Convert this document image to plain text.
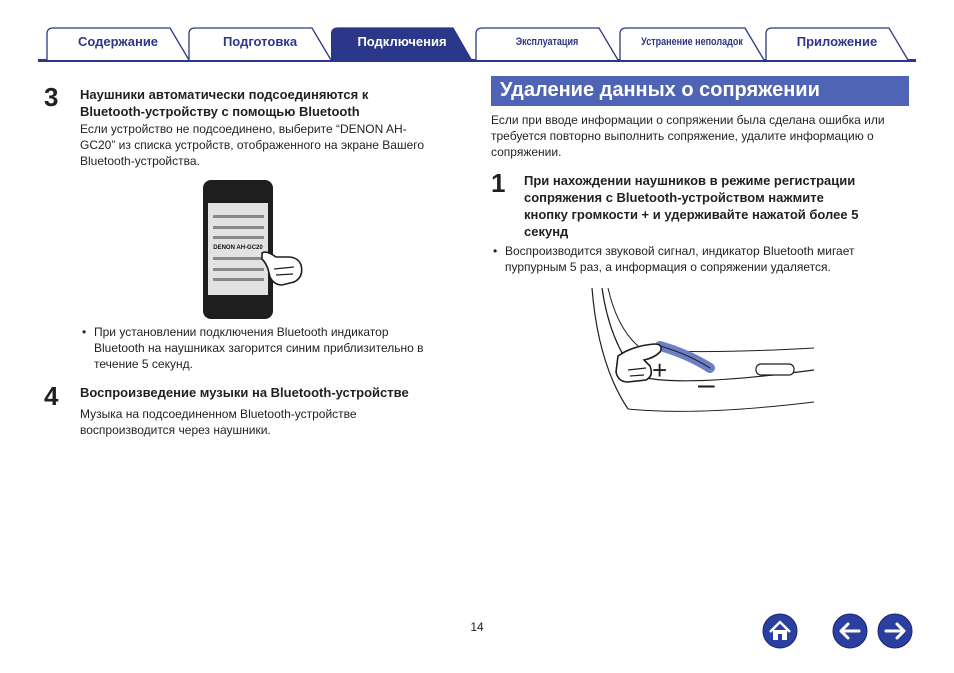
Содержание	Подготовка	Подключения	Эксплуатация	Устранение неполадок	Приложение
3 Наушники автоматически подсоединяются к
Bluetooth-устройству с помощью Bluetooth
Если устройство не подсоединено, выберите “DENON AH-
GC20” из списка устройств, отображенного на экране Вашего
Bluetooth-устройства.
DENON AH-GC20
• При установлении подключения Bluetooth индикатор
Bluetooth на наушниках загорится синим приблизительно в
течение 5 секунд.
4 Воспроизведение музыки на Bluetooth-устройстве
Музыка на подсоединенном Bluetooth-устройстве
воспроизводится через наушники.
Удаление данных о сопряжении
Если при вводе информации о сопряжении была сделана ошибка или
требуется повторно выполнить сопряжение, удалите информацию о
сопряжении.
1 При нахождении наушников в режиме регистрации
сопряжения с Bluetooth-устройством нажмите
кнопку громкости + и удерживайте нажатой более 5
секунд
• Воспроизводится звуковой сигнал, индикатор Bluetooth мигает
пурпурным 5 раз, а информация о сопряжении удаляется.
+ –
14
